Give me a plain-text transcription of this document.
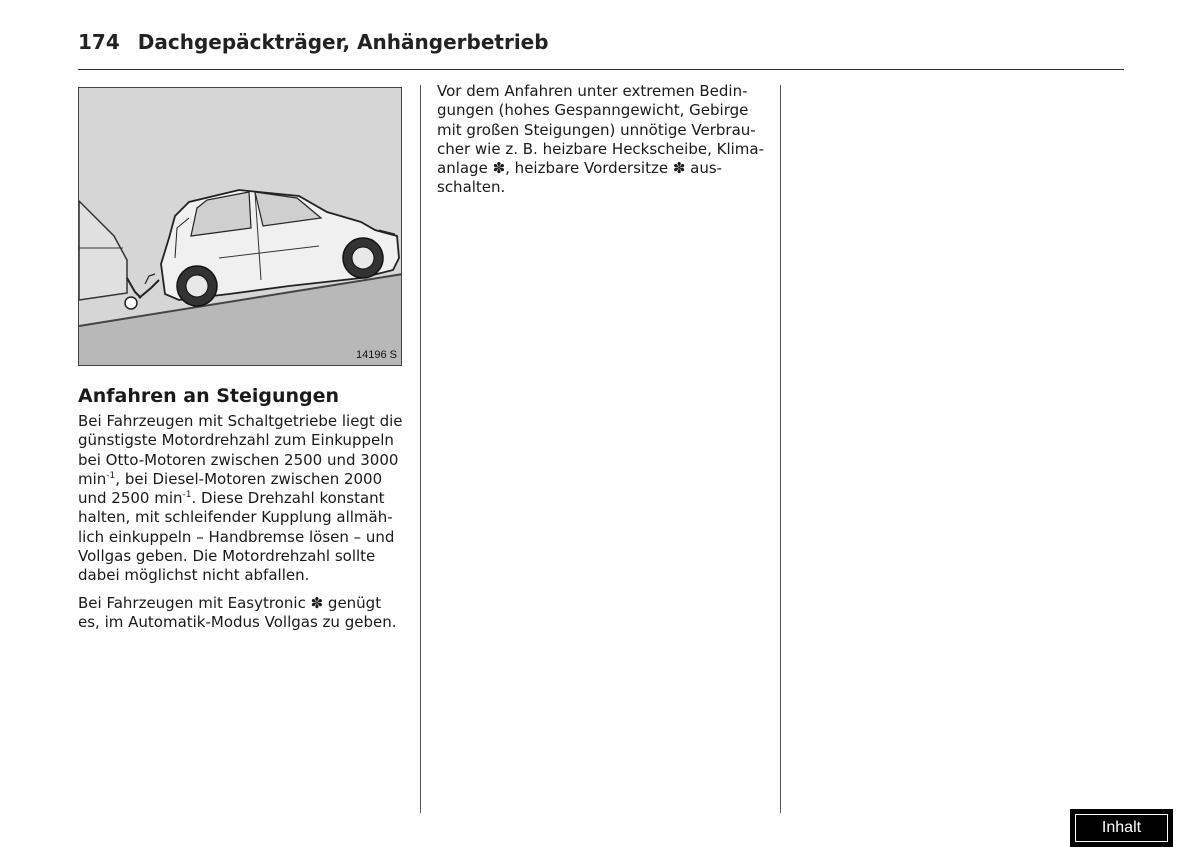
174 Dachgepäckträger, Anhängerbetrieb
14196 S
Anfahren an Steigungen
Bei Fahrzeugen mit Schaltgetriebe liegt die
günstigste Motordrehzahl zum Einkuppeln
bei Otto-Motoren zwischen 2500 und 3000
$\min^{-1}$, bei Diesel-Motoren zwischen 2000
und 2500 $\min^{-1}$. Diese Drehzahl konstant
halten, mit schleifender Kupplung allmäh-
lich einkuppeln – Handbremse lösen – und
Vollgas geben. Die Motordrehzahl sollte
dabei möglichst nicht abfallen.
Bei Fahrzeugen mit Easytronic ✽ genügt
es, im Automatik-Modus Vollgas zu geben.
Vor dem Anfahren unter extremen Bedin-
gungen (hohes Gespanngewicht, Gebirge
mit großen Steigungen) unnötige Verbrau-
cher wie z. B. heizbare Heckscheibe, Klima-
anlage ✽, heizbare Vordersitze ✽ aus-
schalten.
Inhalt
